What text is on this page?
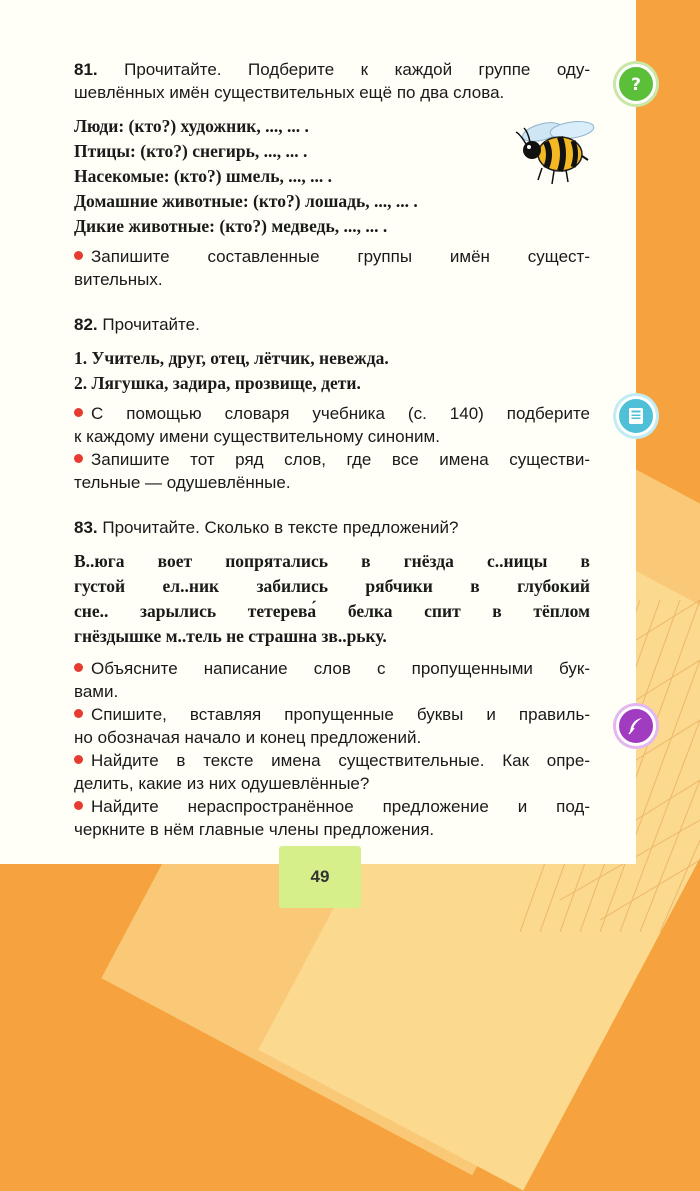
81. Прочитайте. Подберите к каждой группе оду-
шевлённых имён существительных ещё по два слова.
Люди: (кто?) художник, ..., ... .
Птицы: (кто?) снегирь, ..., ... .
Насекомые: (кто?) шмель, ..., ... .
Домашние животные: (кто?) лошадь, ..., ... .
Дикие животные: (кто?) медведь, ..., ... .
Запишите составленные группы имён сущест-
вительных.
82. Прочитайте.
1. Учитель, друг, отец, лётчик, невежда.
2. Лягушка, задира, прозвище, дети.
С помощью словаря учебника (с. 140) подберите
к каждому имени существительному синоним.
Запишите тот ряд слов, где все имена существи-
тельные — одушевлённые.
83. Прочитайте. Сколько в тексте предложений?
В..юга воет попрятались в гнёзда с..ницы в
густой ел..ник забились рябчики в глубокий
сне.. зарылись тетерева́ белка спит в тёплом
гнёздышке м..тель не страшна зв..рьку.
Объясните написание слов с пропущенными бук-
вами.
Спишите, вставляя пропущенные буквы и правиль-
но обозначая начало и конец предложений.
Найдите в тексте имена существительные. Как опре-
делить, какие из них одушевлённые?
Найдите нераспространённое предложение и под-
черкните в нём главные члены предложения.
?
49
